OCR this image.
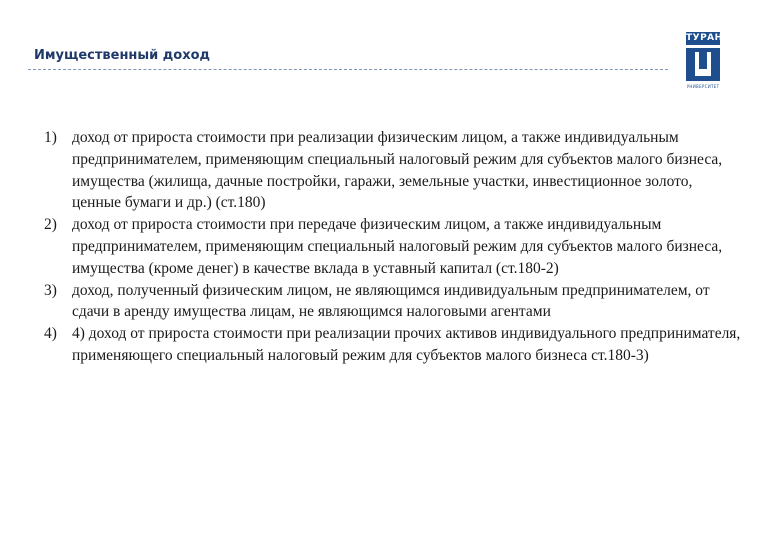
Имущественный доход
ТУРАН
УНИВЕРСИТЕТ
1) доход от прироста стоимости при реализации физическим лицом, а также индивидуальным предпринимателем, применяющим специальный налоговый режим для субъектов малого бизнеса, имущества (жилища, дачные постройки, гаражи, земельные участки, инвестиционное золото, ценные бумаги и др.) (ст.180)
2) доход от прироста стоимости при передаче физическим лицом, а также индивидуальным предпринимателем, применяющим специальный налоговый режим для субъектов малого бизнеса, имущества (кроме денег) в качестве вклада в уставный капитал (ст.180-2)
3) доход, полученный физическим лицом, не являющимся индивидуальным предпринимателем, от сдачи в аренду имущества лицам, не являющимся налоговыми агентами
4) 4) доход от прироста стоимости при реализации прочих активов индивидуального предпринимателя, применяющего специальный налоговый режим для субъектов малого бизнеса ст.180-3)
